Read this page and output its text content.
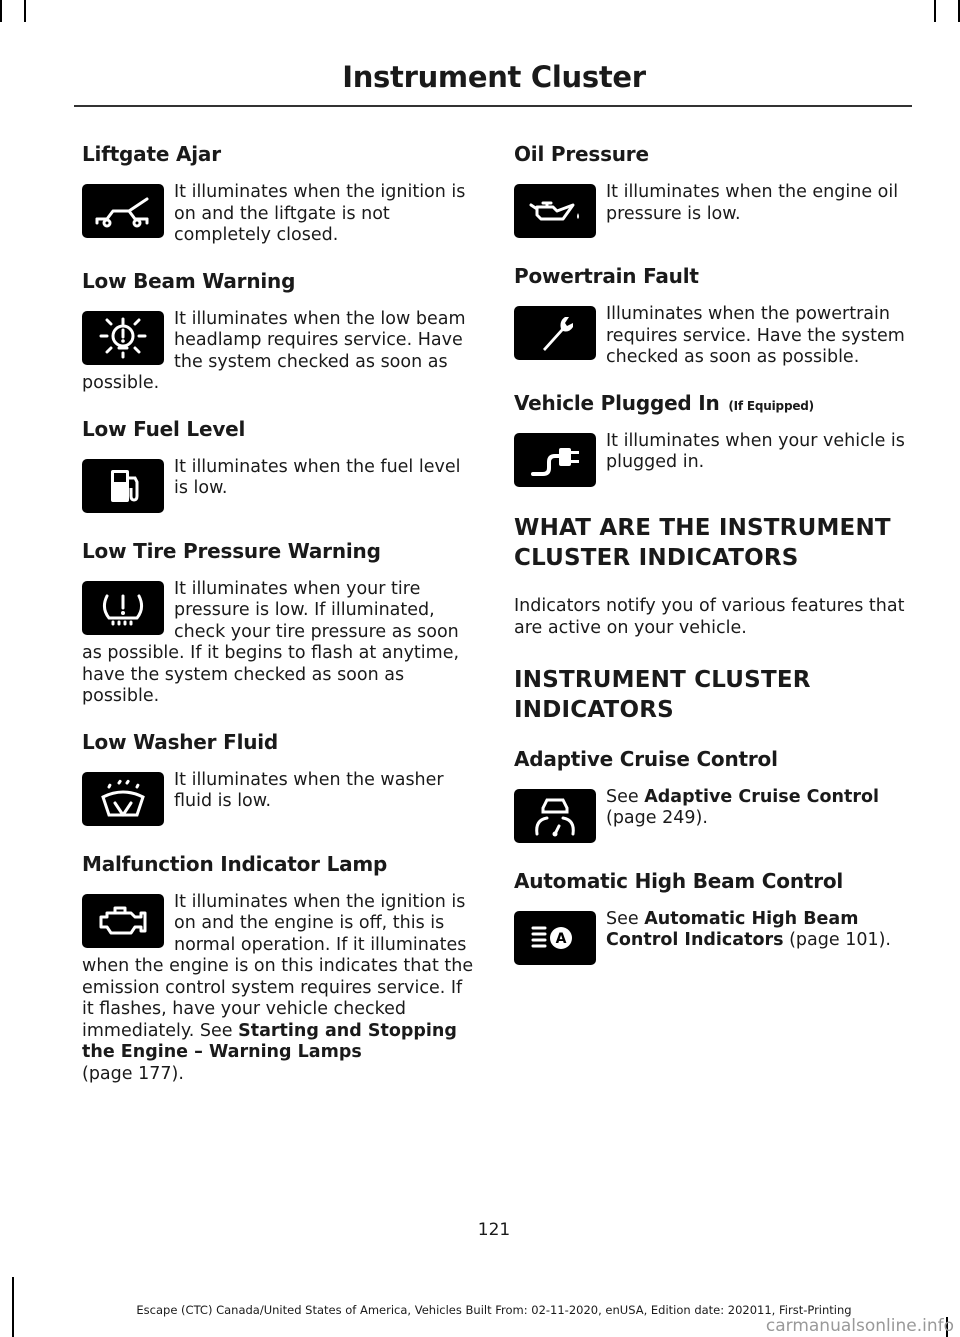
Instrument Cluster
Liftgate Ajar
It illuminates when the ignition is on and the liftgate is not completely closed.
Low Beam Warning
It illuminates when the low beam headlamp requires service. Have the system checked as soon as possible.
Low Fuel Level
It illuminates when the fuel level is low.
Low Tire Pressure Warning
It illuminates when your tire pressure is low. If illuminated, check your tire pressure as soon as possible. If it begins to flash at anytime, have the system checked as soon as possible.
Low Washer Fluid
It illuminates when the washer fluid is low.
Malfunction Indicator Lamp
It illuminates when the ignition is on and the engine is off, this is normal operation. If it illuminates when the engine is on this indicates that the emission control system requires service. If it flashes, have your vehicle checked immediately. See Starting and Stopping the Engine – Warning Lamps
(page 177).
Oil Pressure
It illuminates when the engine oil pressure is low.
Powertrain Fault
Illuminates when the powertrain requires service. Have the system checked as soon as possible.
Vehicle Plugged In (If Equipped)
It illuminates when your vehicle is plugged in.
WHAT ARE THE INSTRUMENT CLUSTER INDICATORS
Indicators notify you of various features that are active on your vehicle.
INSTRUMENT CLUSTER INDICATORS
Adaptive Cruise Control
See Adaptive Cruise Control
(page 249).
Automatic High Beam Control
A
See Automatic High Beam Control Indicators (page 101).
121
Escape (CTC) Canada/United States of America, Vehicles Built From: 02-11-2020, enUSA, Edition date: 202011, First-Printing
carmanualsonline.info
